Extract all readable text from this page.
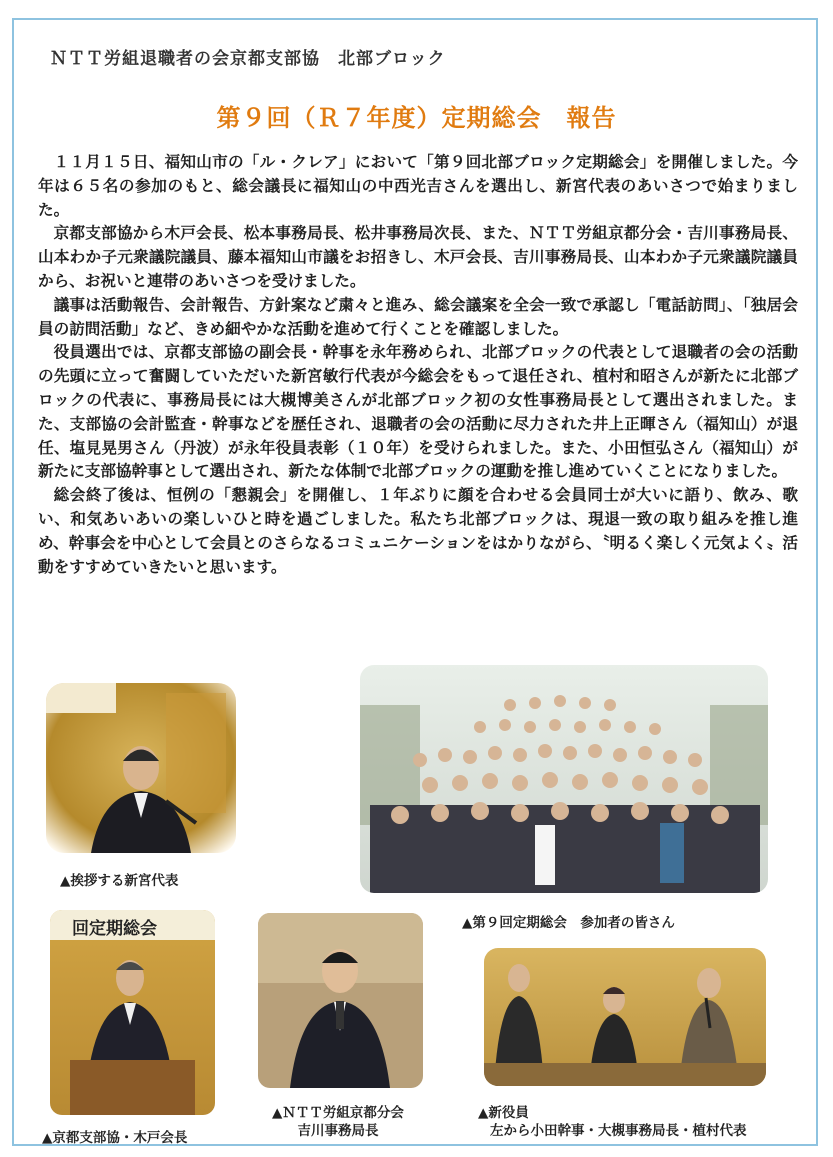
ＮＴＴ労組退職者の会京都支部協　北部ブロック
第９回（Ｒ７年度）定期総会　報告

１１月１５日、福知山市の「ル・クレア」において「第９回北部ブロック定期総会」を開催しました。今年は６５名の参加のもと、総会議長に福知山の中西光吉さんを選出し、新宮代表のあいさつで始まりました。

京都支部協から木戸会長、松本事務局長、松井事務局次長、また、ＮＴＴ労組京都分会・吉川事務局長、山本わか子元衆議院議員、藤本福知山市議をお招きし、木戸会長、吉川事務局長、山本わか子元衆議院議員から、お祝いと連帯のあいさつを受けました。

議事は活動報告、会計報告、方針案など粛々と進み、総会議案を全会一致で承認し「電話訪問」、「独居会員の訪問活動」など、きめ細やかな活動を進めて行くことを確認しました。

役員選出では、京都支部協の副会長・幹事を永年務められ、北部ブロックの代表として退職者の会の活動の先頭に立って奮闘していただいた新宮敏行代表が今総会をもって退任され、植村和昭さんが新たに北部ブロックの代表に、事務局長には大槻博美さんが北部ブロック初の女性事務局長として選出されました。また、支部協の会計監査・幹事などを歴任され、退職者の会の活動に尽力された井上正暉さん（福知山）が退任、塩見晃男さん（丹波）が永年役員表彰（１０年）を受けられました。また、小田恒弘さん（福知山）が新たに支部協幹事として選出され、新たな体制で北部ブロックの運動を推し進めていくことになりました。

総会終了後は、恒例の「懇親会」を開催し、１年ぶりに顔を合わせる会員同士が大いに語り、飲み、歌い、和気あいあいの楽しいひと時を過ごしました。私たち北部ブロックは、現退一致の取り組みを推し進め、幹事会を中心として会員とのさらなるコミュニケーションをはかりながら、〝明るく楽しく元気よく〟活動をすすめていきたいと思います。

▲挨拶する新宮代表
▲第９回定期総会　参加者の皆さん
回定期総会
▲京都支部協・木戸会長
▲ＮＴＴ労組京都分会
吉川事務局長
▲新役員
左から小田幹事・大槻事務局長・植村代表
